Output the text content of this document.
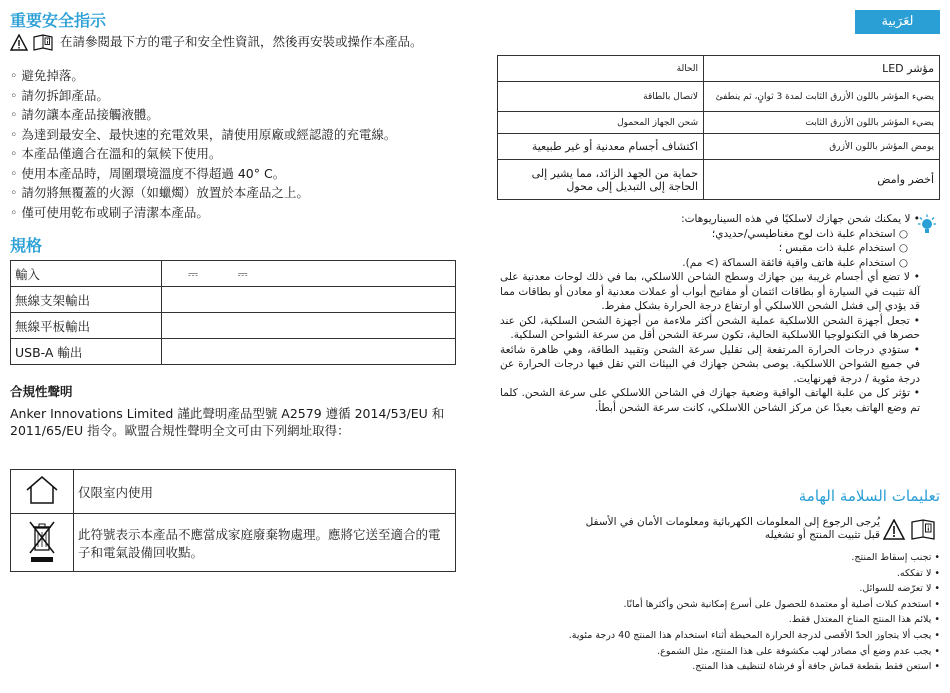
重要安全指示
在請參閱最下方的電子和安全性資訊，然後再安裝或操作本產品。
◦ 避免掉落。
◦ 請勿拆卸產品。
◦ 請勿讓本產品接觸液體。
◦ 為達到最安全、最快速的充電效果，請使用原廠或經認證的充電線。
◦ 本產品僅適合在溫和的氣候下使用。
◦ 使用本產品時，周圍環境溫度不得超過 40° C。
◦ 請勿將無覆蓋的火源（如蠟燭）放置於本產品之上。
◦ 僅可使用乾布或刷子清潔本產品。
規格
輸入	⎓          ⎓
無線支架輸出	
無線平板輸出	
USB-A 輸出	
合規性聲明
Anker Innovations Limited 謹此聲明產品型號 A2579 遵循 2014/53/EU 和 2011/65/EU 指令。歐盟合規性聲明全文可由下列網址取得：
	仅限室内使用
	此符號表示本產品不應當成家庭廢棄物處理。應將它送至適合的電子和電氣設備回收點。
لعَرَبية
مؤشر LED	الحالة
يضيء المؤشر باللون الأزرق الثابت لمدة 3 ثوانٍ، ثم ينطفئ	لاتصال بالطاقة
يضيء المؤشر باللون الأزرق الثابت	شحن الجهاز المحمول
يومض المؤشر باللون الأزرق	اكتشاف أجسام معدنية أو غير طبيعية
أخضر وامض	حماية من الجهد الزائد، مما يشير إلى الحاجة إلى التبديل إلى محول

• لا يمكنك شحن جهازك لاسلكيًا في هذه السيناريوهات:

○ استخدام علبة ذات لوح مغناطيسي/حديدي؛

○ استخدام علبة ذات مقبس ؛

○ استخدام علبة هاتف واقية فائقة السماكة (> مم).

• لا تضع أي أجسام غريبة بين جهازك وسطح الشاحن اللاسلكي، بما في ذلك لوحات معدنية على آلة تثبيت في السيارة أو بطاقات ائتمان أو مفاتيح أبواب أو عملات معدنية أو معادن أو بطاقات مما قد يؤدي إلى فشل الشحن اللاسلكي أو ارتفاع درجة الحرارة بشكل مفرط.

• تجعل أجهزة الشحن اللاسلكية عملية الشحن أكثر ملاءمة من أجهزة الشحن السلكية، لكن عند حصرها في التكنولوجيا اللاسلكية الحالية، تكون سرعة الشحن أقل من سرعة الشواحن السلكية.

• ستؤدي درجات الحرارة المرتفعة إلى تقليل سرعة الشحن وتقييد الطاقة، وهي ظاهرة شائعة في جميع الشواحن اللاسلكية. يوصى بشحن جهازك في البيئات التي تقل فيها درجات الحرارة عن درجة مئوية / درجة فهرنهايت.

• تؤثر كل من علبة الهاتف الواقية وضعية جهازك في الشاحن اللاسلكي على سرعة الشحن. كلما تم وضع الهاتف بعيدًا عن مركز الشاحن اللاسلكي، كانت سرعة الشحن أبطأ.

تعليمات السلامة الهامة
يُرجى الرجوع إلى المعلومات الكهربائية ومعلومات الأمان في الأسفل قبل تثبيت المنتج أو تشغيله
• تجنب إسقاط المنتج.
• لا تفككه.
• لا تعرّضه للسوائل.
• استخدم كبلات أصلية أو معتمدة للحصول على أسرع إمكانية شحن وأكثرها أمانًا.
• يلائم هذا المنتج المناخ المعتدل فقط.
• يجب ألا يتجاوز الحدّ الأقصى لدرجة الحرارة المحيطة أثناء استخدام هذا المنتج 40 درجة مئوية.
• يجب عدم وضع أي مصادر لهب مكشوفة على هذا المنتج، مثل الشموع.
• استعن فقط بقطعة قماش جافة أو فرشاة لتنظيف هذا المنتج.
